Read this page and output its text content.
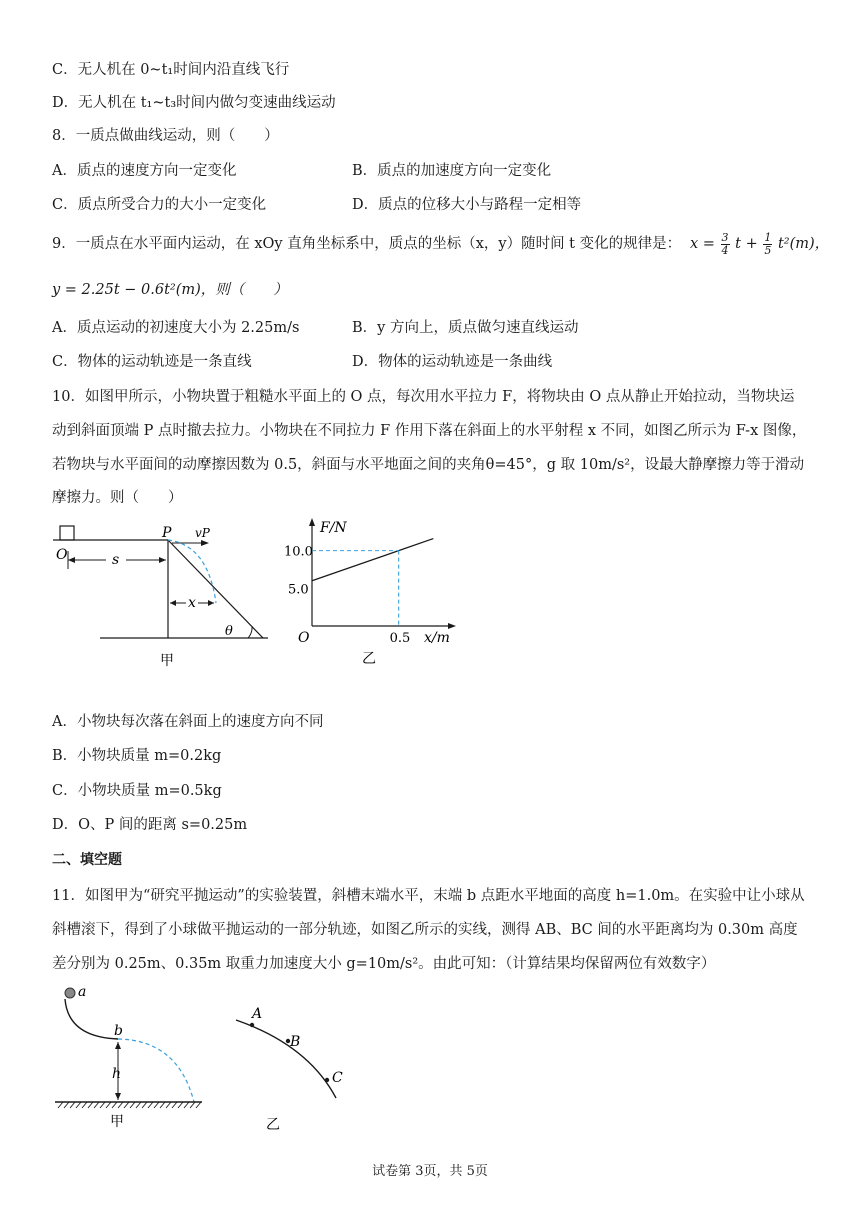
C．无人机在 0~t₁时间内沿直线飞行
D．无人机在 t₁~t₃时间内做匀变速曲线运动
8．一质点做曲线运动，则（　　）
A．质点的速度方向一定变化	B．质点的加速度方向一定变化
C．质点所受合力的大小一定变化	D．质点的位移大小与路程一定相等
9．一质点在水平面内运动，在 xOy 直角坐标系中，质点的坐标（x，y）随时间 t 变化的规律是： $x = \frac{3}{4}$ $t + \frac{1}{5} t^2(m)$，
y = 2.25t − 0.6t²(m)，则（　　）
A．质点运动的初速度大小为 2.25m/s	B．y 方向上，质点做匀速直线运动
C．物体的运动轨迹是一条直线	D．物体的运动轨迹是一条曲线
10．如图甲所示，小物块置于粗糙水平面上的 O 点，每次用水平拉力 F，将物块由 O 点从静止开始拉动，当物块运
动到斜面顶端 P 点时撤去拉力。小物块在不同拉力 F 作用下落在斜面上的水平射程 x 不同，如图乙所示为 F-x 图像，
若物块与水平面间的动摩擦因数为 0.5，斜面与水平地面之间的夹角θ=45°，g 取 10m/s²，设最大静摩擦力等于滑动
摩擦力。则（　　）
O	s
P vP
x
θ
甲
10.0
5.0
0.5
F/N
x/m
O
乙
A．小物块每次落在斜面上的速度方向不同
B．小物块质量 m=0.2kg
C．小物块质量 m=0.5kg
D．O、P 间的距离 s=0.25m
二、填空题
11．如图甲为“研究平抛运动”的实验装置，斜槽末端水平，末端 b 点距水平地面的高度 h=1.0m。在实验中让小球从
斜槽滚下，得到了小球做平抛运动的一部分轨迹，如图乙所示的实线，测得 AB、BC 间的水平距离均为 0.30m 高度
差分别为 0.25m、0.35m 取重力加速度大小 g=10m/s²。由此可知：（计算结果均保留两位有效数字）
a
b
h
甲
A
B
C
乙
试卷第 3页，共 5页
